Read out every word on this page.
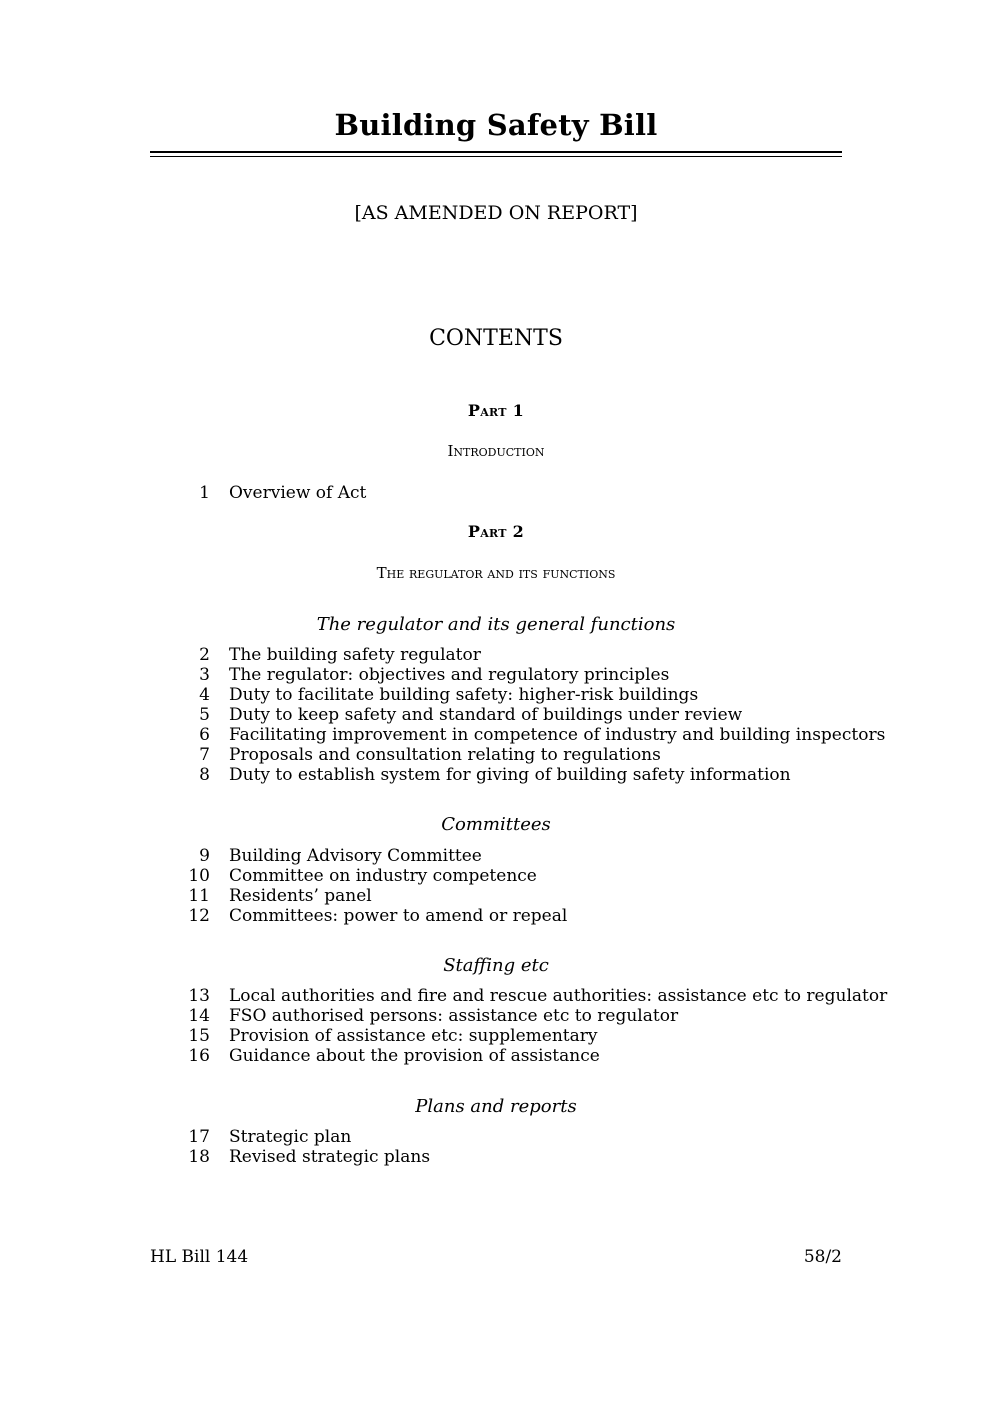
Building Safety Bill
[AS AMENDED ON REPORT]
CONTENTS
Part 1
Introduction
1 Overview of Act
Part 2
The regulator and its functions
The regulator and its general functions
2 The building safety regulator
3 The regulator: objectives and regulatory principles
4 Duty to facilitate building safety: higher-risk buildings
5 Duty to keep safety and standard of buildings under review
6 Facilitating improvement in competence of industry and building inspectors
7 Proposals and consultation relating to regulations
8 Duty to establish system for giving of building safety information
Committees
9 Building Advisory Committee
10 Committee on industry competence
11 Residents’ panel
12 Committees: power to amend or repeal
Staffing etc
13 Local authorities and fire and rescue authorities: assistance etc to regulator
14 FSO authorised persons: assistance etc to regulator
15 Provision of assistance etc: supplementary
16 Guidance about the provision of assistance
Plans and reports
17 Strategic plan
18 Revised strategic plans
HL Bill 144	58/2
